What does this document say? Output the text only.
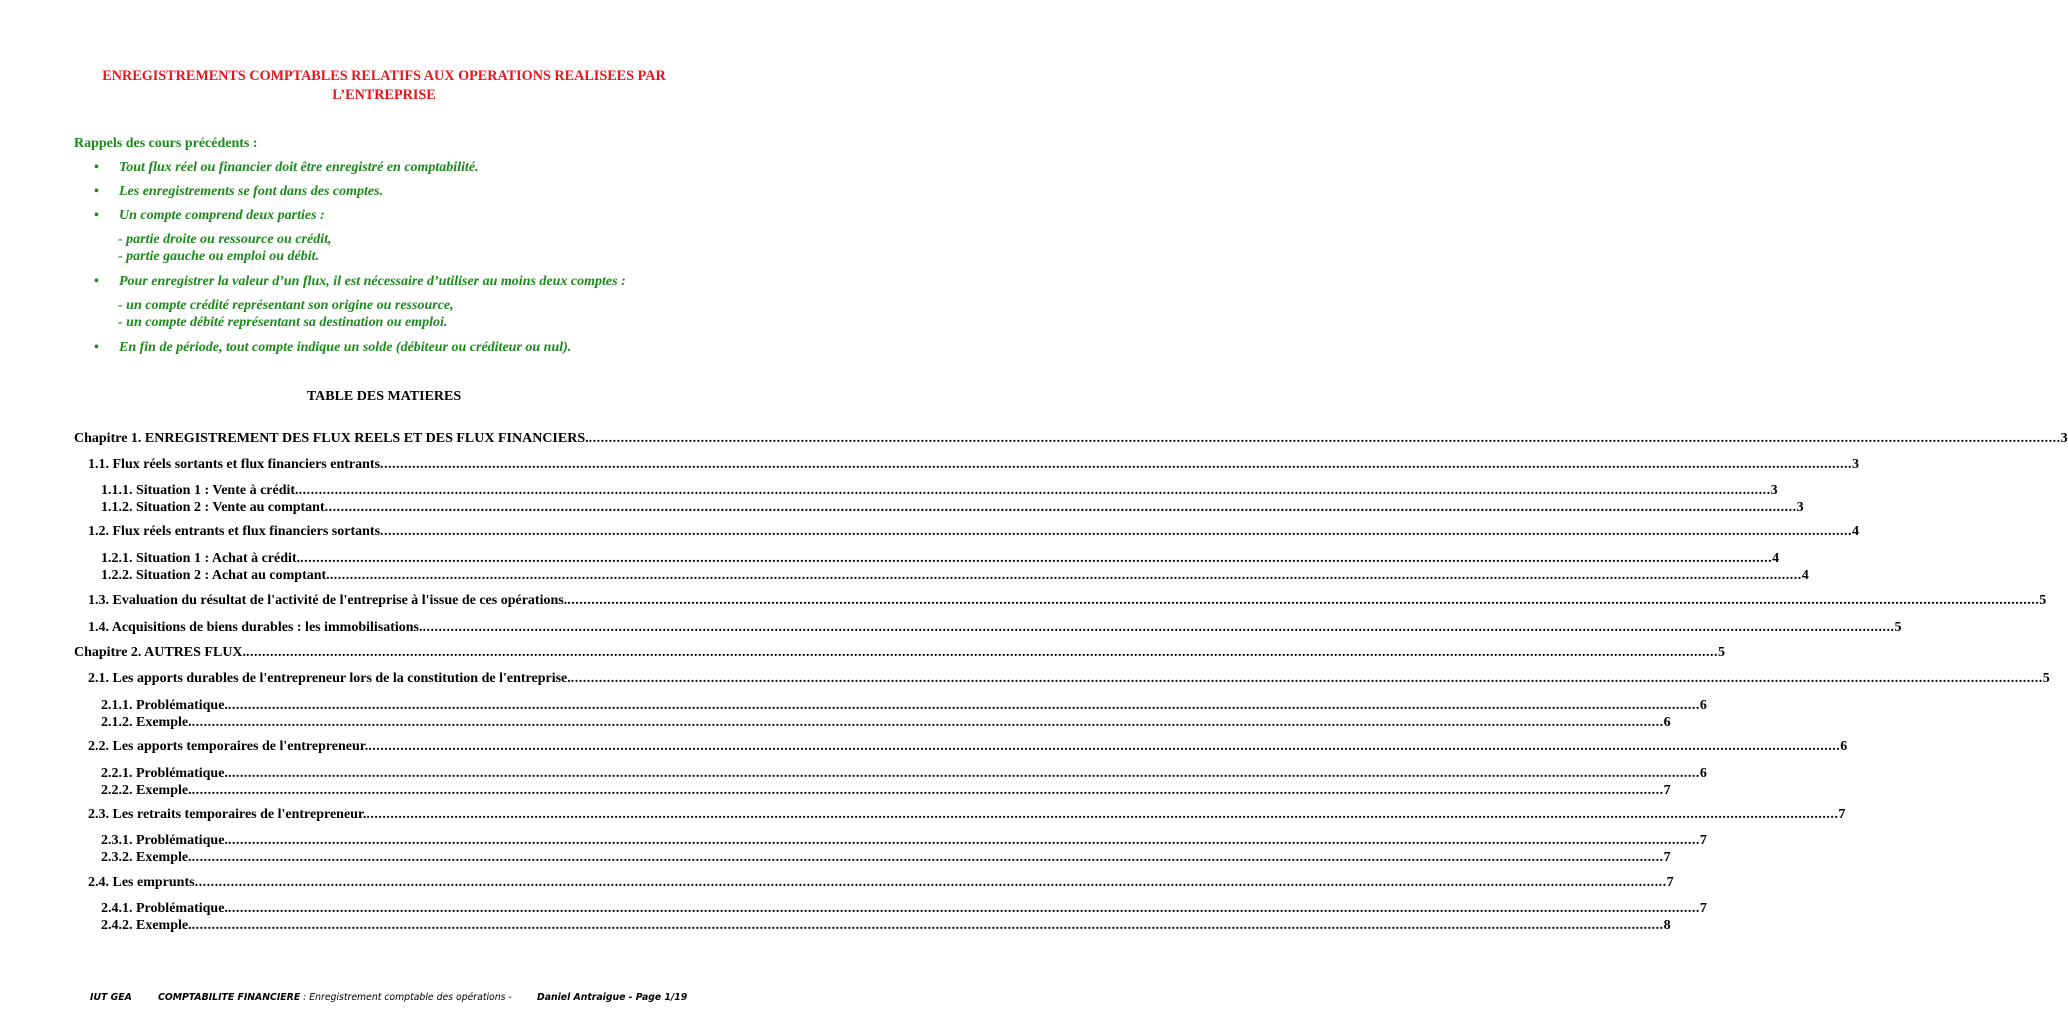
ENREGISTREMENTS COMPTABLES RELATIFS AUX OPERATIONS REALISEES PAR L’ENTREPRISE
Rappels des cours précédents :
• Tout flux réel ou financier doit être enregistré en comptabilité.
• Les enregistrements se font dans des comptes.
• Un compte comprend deux parties :
- partie droite ou ressource ou crédit,
- partie gauche ou emploi ou débit.
• Pour enregistrer la valeur d’un flux, il est nécessaire d’utiliser au moins deux comptes :
- un compte crédité représentant son origine ou ressource,
- un compte débité représentant sa destination ou emploi.
• En fin de période, tout compte indique un solde (débiteur ou créditeur ou nul).
TABLE DES MATIERES
Chapitre 1. ENREGISTREMENT DES FLUX REELS ET DES FLUX FINANCIERS. ................................................................................................................................................................................................................................................................................................................................................................................ 3
1.1. Flux réels sortants et flux financiers entrants ................................................................................................................................................................................................................................................................................................................................................................................ 3
1.1.1. Situation 1 : Vente à crédit. ................................................................................................................................................................................................................................................................................................................................................................................ 3
1.1.2. Situation 2 : Vente au comptant ................................................................................................................................................................................................................................................................................................................................................................................ 3
1.2. Flux réels entrants et flux financiers sortants ................................................................................................................................................................................................................................................................................................................................................................................ 4
1.2.1. Situation 1 : Achat à crédit. ................................................................................................................................................................................................................................................................................................................................................................................ 4
1.2.2. Situation 2 : Achat au comptant. ................................................................................................................................................................................................................................................................................................................................................................................ 4
1.3. Evaluation du résultat de l'activité de l'entreprise à l'issue de ces opérations. ................................................................................................................................................................................................................................................................................................................................................................................ 5
1.4. Acquisitions de biens durables : les immobilisations. ................................................................................................................................................................................................................................................................................................................................................................................ 5
Chapitre 2. AUTRES FLUX. ................................................................................................................................................................................................................................................................................................................................................................................ 5
2.1. Les apports durables de l'entrepreneur lors de la constitution de l'entreprise. ................................................................................................................................................................................................................................................................................................................................................................................ 5
2.1.1. Problématique. ................................................................................................................................................................................................................................................................................................................................................................................ 6
2.1.2. Exemple. ................................................................................................................................................................................................................................................................................................................................................................................ 6
2.2. Les apports temporaires de l'entrepreneur. ................................................................................................................................................................................................................................................................................................................................................................................ 6
2.2.1. Problématique. ................................................................................................................................................................................................................................................................................................................................................................................ 6
2.2.2. Exemple. ................................................................................................................................................................................................................................................................................................................................................................................ 7
2.3. Les retraits temporaires de l'entrepreneur. ................................................................................................................................................................................................................................................................................................................................................................................ 7
2.3.1. Problématique. ................................................................................................................................................................................................................................................................................................................................................................................ 7
2.3.2. Exemple. ................................................................................................................................................................................................................................................................................................................................................................................ 7
2.4. Les emprunts ................................................................................................................................................................................................................................................................................................................................................................................ 7
2.4.1. Problématique. ................................................................................................................................................................................................................................................................................................................................................................................ 7
2.4.2. Exemple. ................................................................................................................................................................................................................................................................................................................................................................................ 8
IUT GEA	COMPTABILITE FINANCIERE : Enregistrement comptable des opérations -	Daniel Antraigue - Page 1/19
